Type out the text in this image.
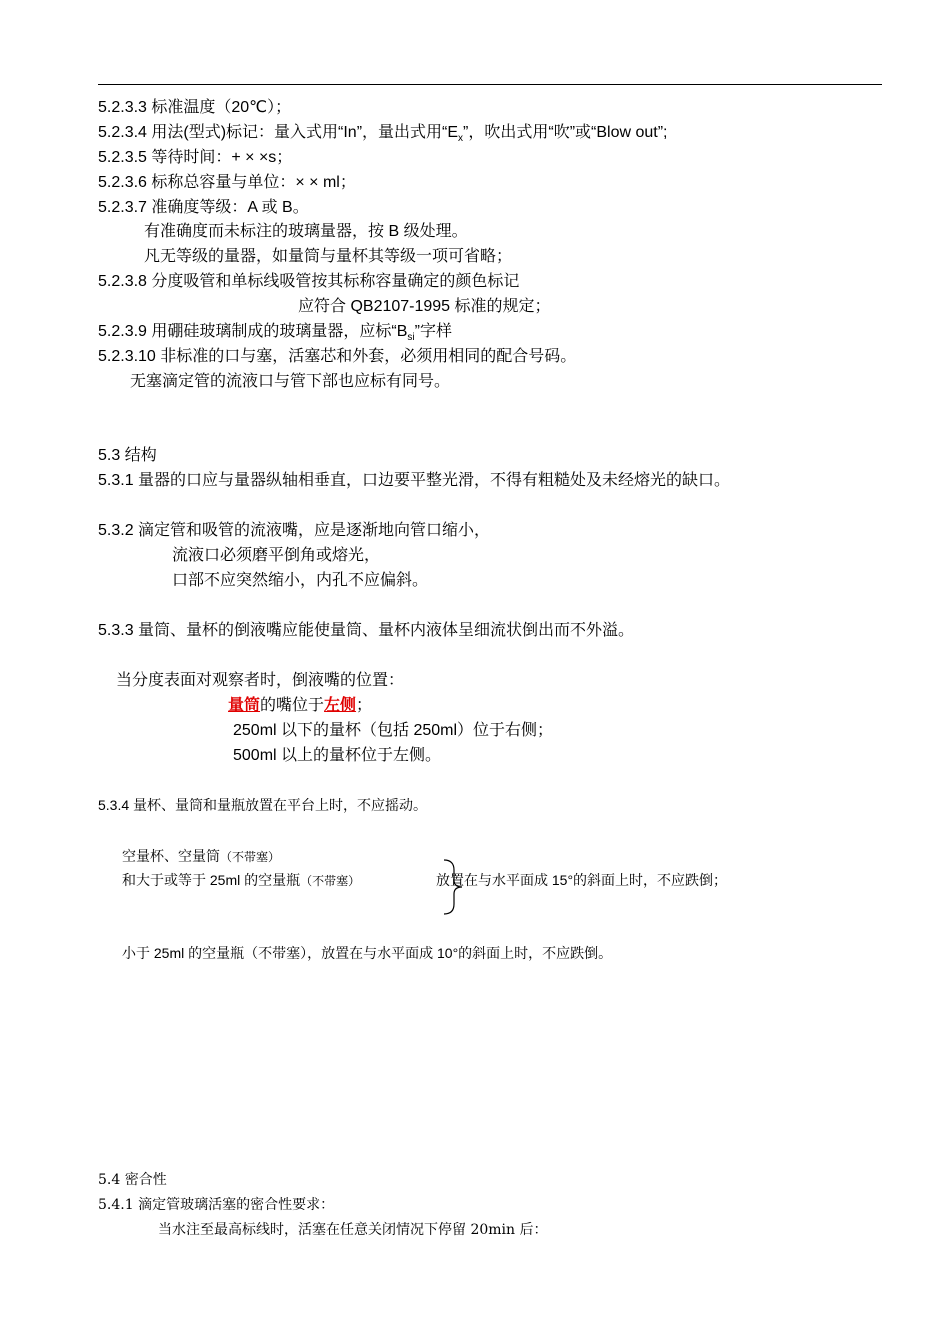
5.2.3.3 标准温度（20℃）；
5.2.3.4 用法(型式)标记：量入式用“In”，量出式用“$E_x$”，吹出式用“吹”或“Blow out”;
5.2.3.5 等待时间：+ × ×s；
5.2.3.6 标称总容量与单位：× × ml；
5.2.3.7 准确度等级：A 或 B。
有准确度而未标注的玻璃量器，按 B 级处理。
凡无等级的量器，如量筒与量杯其等级一项可省略；
5.2.3.8 分度吸管和单标线吸管按其标称容量确定的颜色标记
应符合 QB2107-1995 标准的规定；
5.2.3.9 用硼硅玻璃制成的玻璃量器，应标“$B_{si}$”字样
5.2.3.10 非标准的口与塞，活塞芯和外套，必须用相同的配合号码。
无塞滴定管的流液口与管下部也应标有同号。
5.3 结构
5.3.1 量器的口应与量器纵轴相垂直，口边要平整光滑，不得有粗糙处及未经熔光的缺口。
5.3.2 滴定管和吸管的流液嘴，应是逐渐地向管口缩小，
流液口必须磨平倒角或熔光，
口部不应突然缩小，内孔不应偏斜。
5.3.3 量筒、量杯的倒液嘴应能使量筒、量杯内液体呈细流状倒出而不外溢。
当分度表面对观察者时，倒液嘴的位置：
量筒的嘴位于左侧；
250ml 以下的量杯（包括 250ml）位于右侧；
500ml 以上的量杯位于左侧。
5.3.4 量杯、量筒和量瓶放置在平台上时，不应摇动。
空量杯、空量筒（不带塞）
和大于或等于 25ml 的空量瓶（不带塞）	放置在与水平面成 15°的斜面上时，不应跌倒；
小于 25ml 的空量瓶（不带塞），放置在与水平面成 10°的斜面上时，不应跌倒。
5.4 密合性
5.4.1 滴定管玻璃活塞的密合性要求：
当水注至最高标线时，活塞在任意关闭情况下停留 20min 后：
